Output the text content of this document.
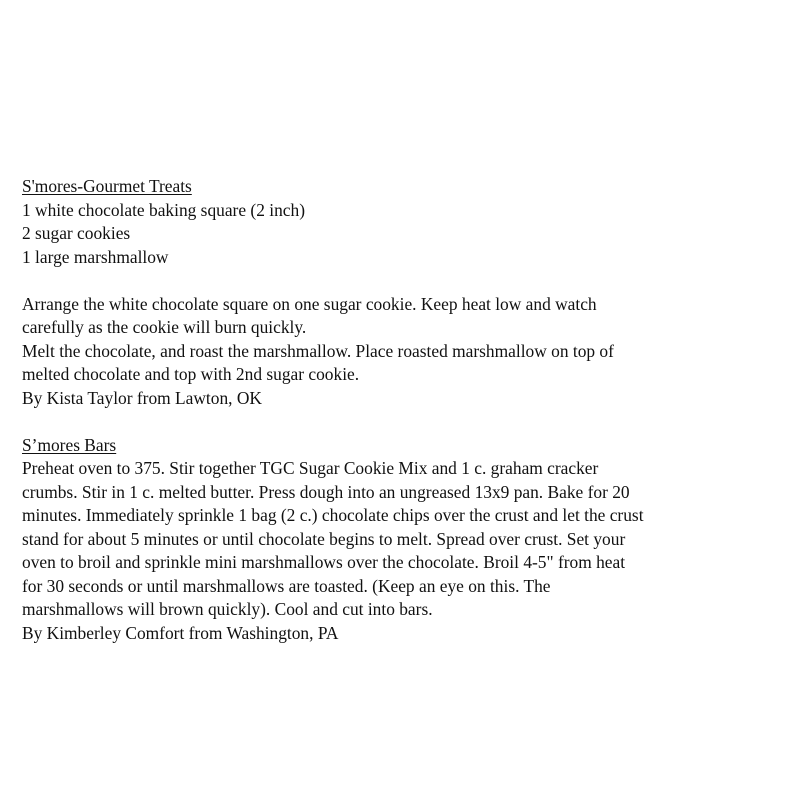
S'mores-Gourmet Treats
1 white chocolate baking square (2 inch)
2 sugar cookies
1 large marshmallow
Arrange the white chocolate square on one sugar cookie. Keep heat low and watch
carefully as the cookie will burn quickly.
Melt the chocolate, and roast the marshmallow. Place roasted marshmallow on top of
melted chocolate and top with 2nd sugar cookie.
By Kista Taylor from Lawton, OK
S’mores Bars
Preheat oven to 375. Stir together TGC Sugar Cookie Mix and 1 c. graham cracker
crumbs. Stir in 1 c. melted butter. Press dough into an ungreased 13x9 pan. Bake for 20
minutes. Immediately sprinkle 1 bag (2 c.) chocolate chips over the crust and let the crust
stand for about 5 minutes or until chocolate begins to melt. Spread over crust. Set your
oven to broil and sprinkle mini marshmallows over the chocolate. Broil 4-5" from heat
for 30 seconds or until marshmallows are toasted. (Keep an eye on this. The
marshmallows will brown quickly). Cool and cut into bars.
By Kimberley Comfort from Washington, PA
